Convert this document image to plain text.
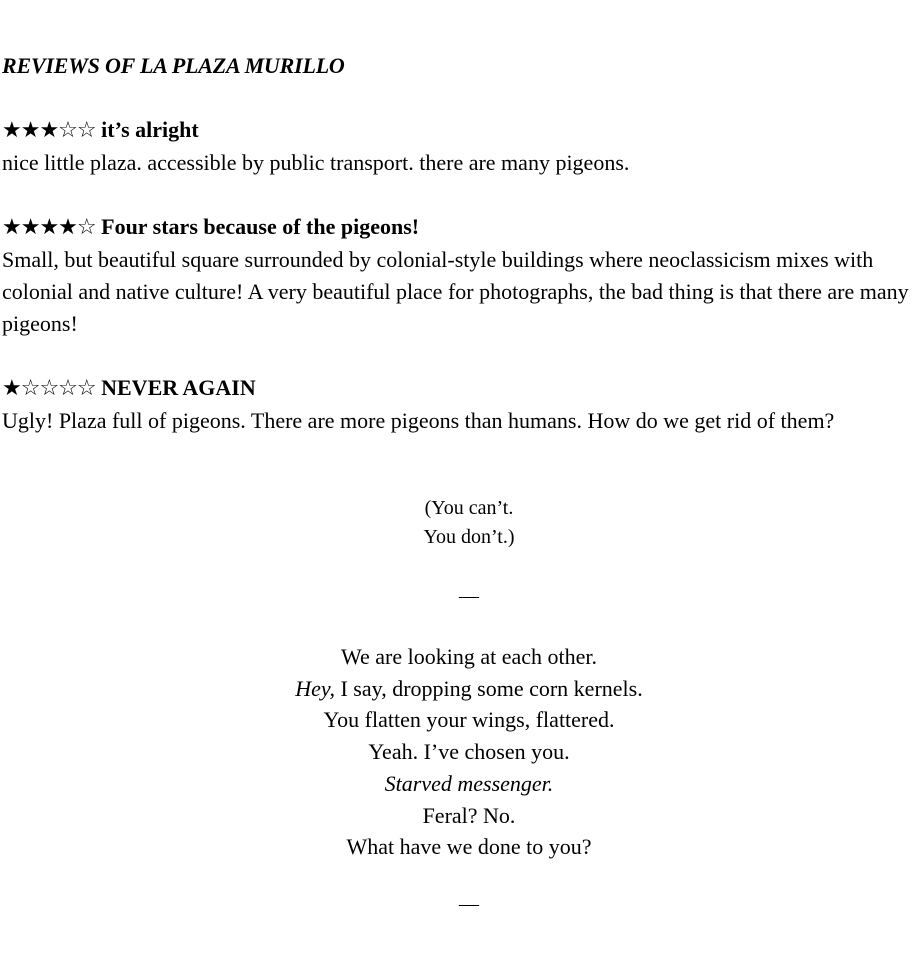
REVIEWS OF LA PLAZA MURILLO
★★★☆☆ it’s alright
nice little plaza. accessible by public transport. there are many pigeons.
★★★★☆ Four stars because of the pigeons!
Small, but beautiful square surrounded by colonial-style buildings where neoclassicism mixes with colonial and native culture! A very beautiful place for photographs, the bad thing is that there are many pigeons!
★☆☆☆☆ NEVER AGAIN
Ugly! Plaza full of pigeons. There are more pigeons than humans. How do we get rid of them?
(You can’t.
You don’t.)
—
We are looking at each other.
Hey, I say, dropping some corn kernels.
You flatten your wings, flattered.
Yeah. I’ve chosen you.
Starved messenger.
Feral? No.
What have we done to you?
—
